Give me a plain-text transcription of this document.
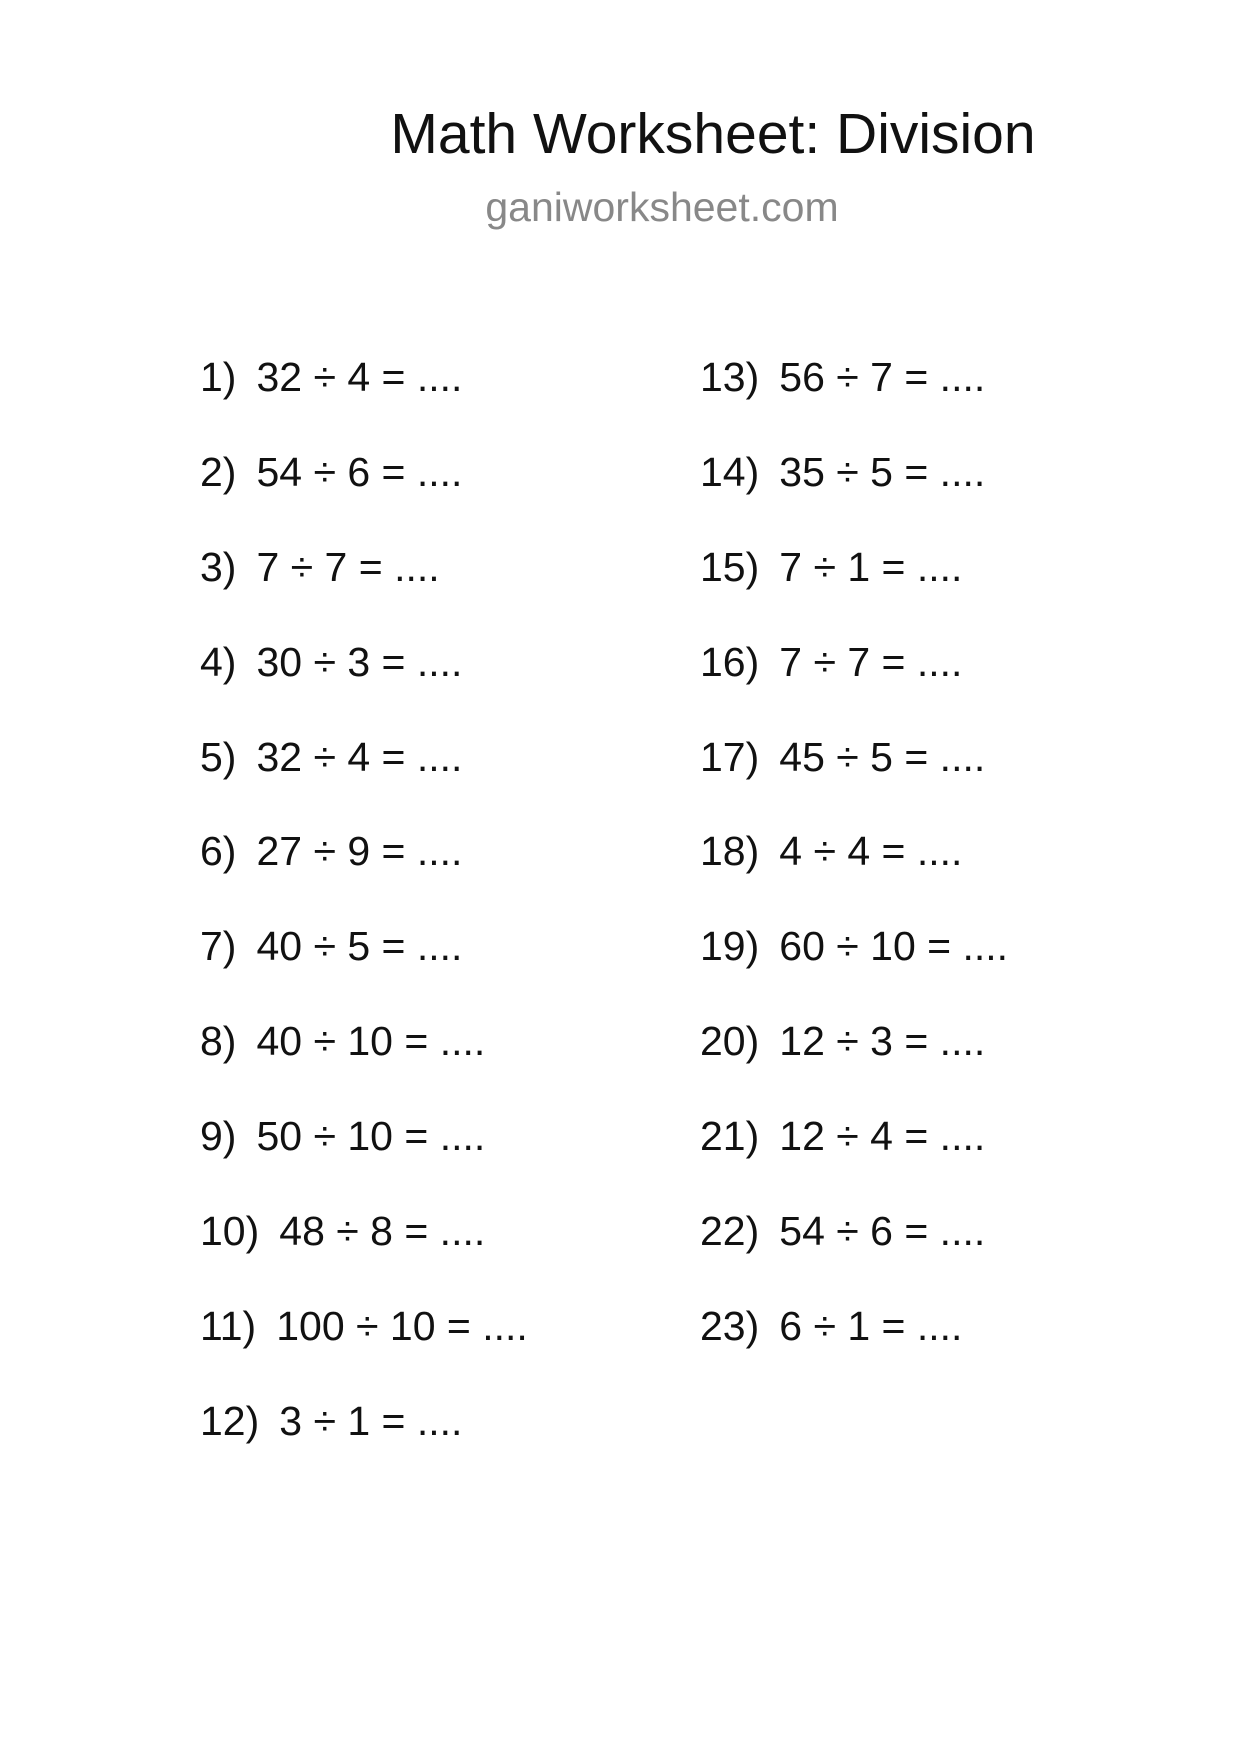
Math Worksheet: Division
ganiworksheet.com
1) 32 ÷ 4 = ....
2) 54 ÷ 6 = ....
3) 7 ÷ 7 = ....
4) 30 ÷ 3 = ....
5) 32 ÷ 4 = ....
6) 27 ÷ 9 = ....
7) 40 ÷ 5 = ....
8) 40 ÷ 10 = ....
9) 50 ÷ 10 = ....
10) 48 ÷ 8 = ....
11) 100 ÷ 10 = ....
12) 3 ÷ 1 = ....
13) 56 ÷ 7 = ....
14) 35 ÷ 5 = ....
15) 7 ÷ 1 = ....
16) 7 ÷ 7 = ....
17) 45 ÷ 5 = ....
18) 4 ÷ 4 = ....
19) 60 ÷ 10 = ....
20) 12 ÷ 3 = ....
21) 12 ÷ 4 = ....
22) 54 ÷ 6 = ....
23) 6 ÷ 1 = ....
